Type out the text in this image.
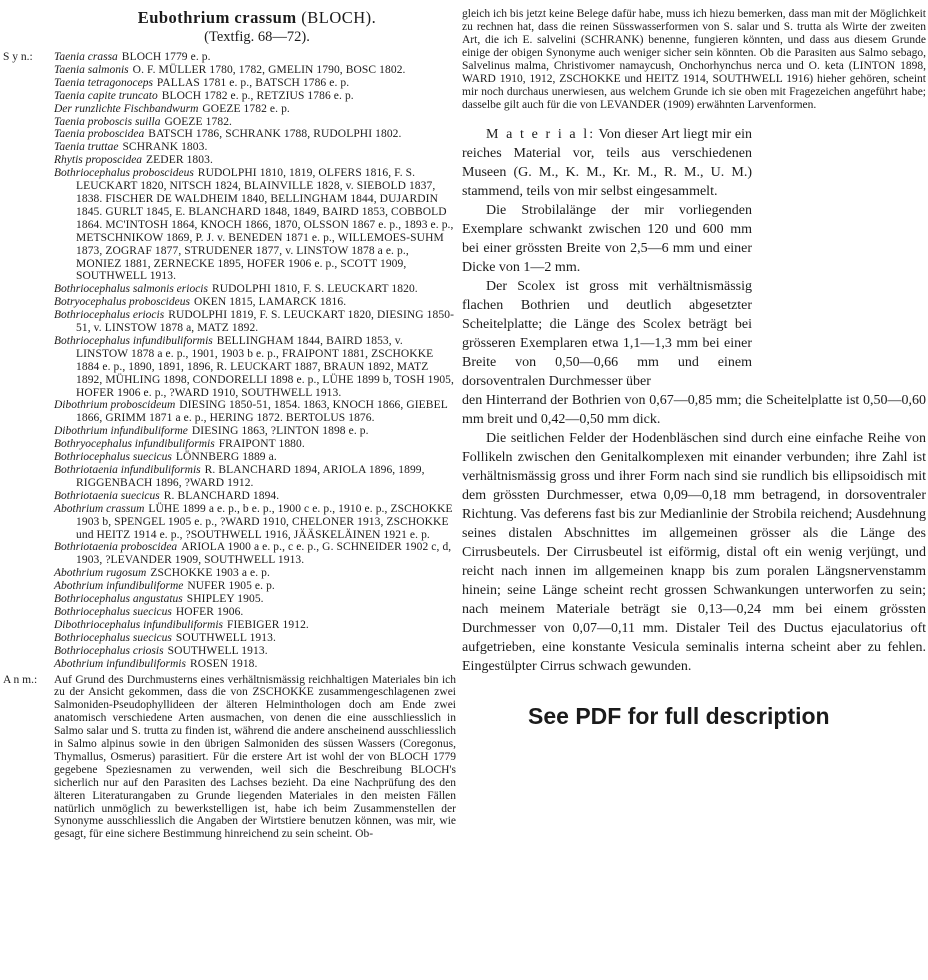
Eubothrium crassum (BLOCH).
(Textfig. 68—72).
S y n.:	Taenia crassa BLOCH 1779 e. p.
Taenia salmonis O. F. MÜLLER 1780, 1782, GMELIN 1790, BOSC 1802.
Taenia tetragonoceps PALLAS 1781 e. p., BATSCH 1786 e. p.
Taenia capite truncato BLOCH 1782 e. p., RETZIUS 1786 e. p.
Der runzlichte Fischbandwurm GOEZE 1782 e. p.
Taenia proboscis suilla GOEZE 1782.
Taenia proboscidea BATSCH 1786, SCHRANK 1788, RUDOLPHI 1802.
Taenia truttae SCHRANK 1803.
Rhytis proposcidea ZEDER 1803.
Bothriocephalus proboscideus RUDOLPHI 1810, 1819, OLFERS 1816, F. S. LEUCKART 1820, NITSCH 1824, BLAINVILLE 1828, v. SIEBOLD 1837, 1838. FISCHER DE WALDHEIM 1840, BELLINGHAM 1844, DUJARDIN 1845. GURLT 1845, E. BLANCHARD 1848, 1849, BAIRD 1853, COBBOLD 1864. MC'INTOSH 1864, KNOCH 1866, 1870, OLSSON 1867 e. p., 1893 e. p., METSCHNIKOW 1869, P. J. v. BENEDEN 1871 e. p., WILLEMOES-SUHM 1873, ZOGRAF 1877, STRUDENER 1877, v. LINSTOW 1878 a e. p., MONIEZ 1881, ZERNECKE 1895, HOFER 1906 e. p., SCOTT 1909, SOUTHWELL 1913.
Bothriocephalus salmonis eriocis RUDOLPHI 1810, F. S. LEUCKART 1820.
Botryocephalus proboscideus OKEN 1815, LAMARCK 1816.
Bothriocephalus eriocis RUDOLPHI 1819, F. S. LEUCKART 1820, DIESING 1850-51, v. LINSTOW 1878 a, MATZ 1892.
Bothriocephalus infundibuliformis BELLINGHAM 1844, BAIRD 1853, v. LINSTOW 1878 a e. p., 1901, 1903 b e. p., FRAIPONT 1881, ZSCHOKKE 1884 e. p., 1890, 1891, 1896, R. LEUCKART 1887, BRAUN 1892, MATZ 1892, MÜHLING 1898, CONDORELLI 1898 e. p., LÜHE 1899 b, TOSH 1905, HOFER 1906 e. p., ?WARD 1910, SOUTHWELL 1913.
Dibothrium proboscideum DIESING 1850-51, 1854. 1863, KNOCH 1866, GIEBEL 1866, GRIMM 1871 a e. p., HERING 1872. BERTOLUS 1876.
Dibothrium infundibuliforme DIESING 1863, ?LINTON 1898 e. p.
Bothryocephalus infundibuliformis FRAIPONT 1880.
Bothriocephalus suecicus LÖNNBERG 1889 a.
Bothriotaenia infundibuliformis R. BLANCHARD 1894, ARIOLA 1896, 1899, RIGGENBACH 1896, ?WARD 1912.
Bothriotaenia suecicus R. BLANCHARD 1894.
Abothrium crassum LÜHE 1899 a e. p., b e. p., 1900 c e. p., 1910 e. p., ZSCHOKKE 1903 b, SPENGEL 1905 e. p., ?WARD 1910, CHELONER 1913, ZSCHOKKE und HEITZ 1914 e. p., ?SOUTHWELL 1916, JÄÄSKELÄINEN 1921 e. p.
Bothriotaenia proboscidea ARIOLA 1900 a e. p., c e. p., G. SCHNEIDER 1902 c, d, 1903, ?LEVANDER 1909, SOUTHWELL 1913.
Abothrium rugosum ZSCHOKKE 1903 a e. p.
Abothrium infundibuliforme NUFER 1905 e. p.
Bothriocephalus angustatus SHIPLEY 1905.
Bothriocephalus suecicus HOFER 1906.
Dibothriocephalus infundibuliformis FIEBIGER 1912.
Bothriocephalus suecicus SOUTHWELL 1913.
Bothriocephalus criosis SOUTHWELL 1913.
Abothrium infundibuliformis ROSEN 1918.
A n m.:	Auf Grund des Durchmusterns eines verhältnismässig reichhaltigen Materiales bin ich zu der Ansicht gekommen, dass die von ZSCHOKKE zusammengeschlagenen zwei Salmoniden-Pseudophyllideen der älteren Helminthologen doch am Ende zwei anatomisch verschiedene Arten ausmachen, von denen die eine ausschliesslich in Salmo salar und S. trutta zu finden ist, während die andere anscheinend ausschliesslich in Salmo alpinus sowie in den übrigen Salmoniden des süssen Wassers (Coregonus, Thymallus, Osmerus) parasitiert. Für die erstere Art ist wohl der von BLOCH 1779 gegebene Speziesnamen zu verwenden, weil sich die Beschreibung BLOCH's sicherlich nur auf den Parasiten des Lachses bezieht. Da eine Nachprüfung des den älteren Literaturangaben zu Grunde liegenden Materiales in den meisten Fällen natürlich unmöglich zu bewerkstelligen ist, habe ich beim Zusammenstellen der Synonyme ausschliesslich die Angaben der Wirtstiere benutzen können, was mir, wie gesagt, für eine sichere Bestimmung hinreichend zu sein scheint. Ob-

gleich ich bis jetzt keine Belege dafür habe, muss ich hiezu bemerken, dass man mit der Möglichkeit zu rechnen hat, dass die reinen Süsswasserformen von S. salar und S. trutta als Wirte der zweiten Art, die ich E. salvelini (SCHRANK) benenne, fungieren könnten, und dass aus diesem Grunde einige der obigen Synonyme auch weniger sicher sein könnten. Ob die Parasiten aus Salmo sebago, Salvelinus malma, Christivomer namaycush, Onchorhynchus nerca und O. keta (LINTON 1898, WARD 1910, 1912, ZSCHOKKE und HEITZ 1914, SOUTHWELL 1916) hieher gehören, scheint mir noch durchaus unerwiesen, aus welchem Grunde ich sie oben mit Fragezeichen angeführt habe; dasselbe gilt auch für die von LEVANDER (1909) erwähnten Larvenformen.

M a t e r i a l: Von dieser Art liegt mir ein reiches Material vor, teils aus verschiedenen Museen (G. M., K. M., Kr. M., R. M., U. M.) stammend, teils von mir selbst eingesammelt.

Die Strobilalänge der mir vorliegenden Exemplare schwankt zwischen 120 und 600 mm bei einer grössten Breite von 2,5—6 mm und einer Dicke von 1—2 mm.

Der Scolex ist gross mit verhältnismässig flachen Bothrien und deutlich abgesetzter Scheitelplatte; die Länge des Scolex beträgt bei grösseren Exemplaren etwa 1,1—1,3 mm bei einer Breite von 0,50—0,66 mm und einem dorsoventralen Durchmesser über

den Hinterrand der Bothrien von 0,67—0,85 mm; die Scheitelplatte ist 0,50—0,60 mm breit und 0,42—0,50 mm dick.

Die seitlichen Felder der Hodenbläschen sind durch eine einfache Reihe von Follikeln zwischen den Genitalkomplexen mit einander verbunden; ihre Zahl ist verhältnismässig gross und ihrer Form nach sind sie rundlich bis ellipsoidisch mit dem grössten Durchmesser, etwa 0,09—0,18 mm betragend, in dorsoventraler Richtung. Vas deferens fast bis zur Medianlinie der Strobila reichend; Ausdehnung seines distalen Abschnittes im allgemeinen grösser als die Länge des Cirrusbeutels. Der Cirrusbeutel ist eiförmig, distal oft ein wenig verjüngt, und reicht nach innen im allgemeinen knapp bis zum poralen Längsnervenstamm hinein; seine Länge scheint recht grossen Schwankungen unterworfen zu sein; nach meinem Materiale beträgt sie 0,13—0,24 mm bei einem grössten Durchmesser von 0,07—0,11 mm. Distaler Teil des Ductus ejaculatorius oft aufgetrieben, eine konstante Vesicula seminalis interna scheint aber zu fehlen. Eingestülpter Cirrus schwach gewunden.

See PDF for full description
